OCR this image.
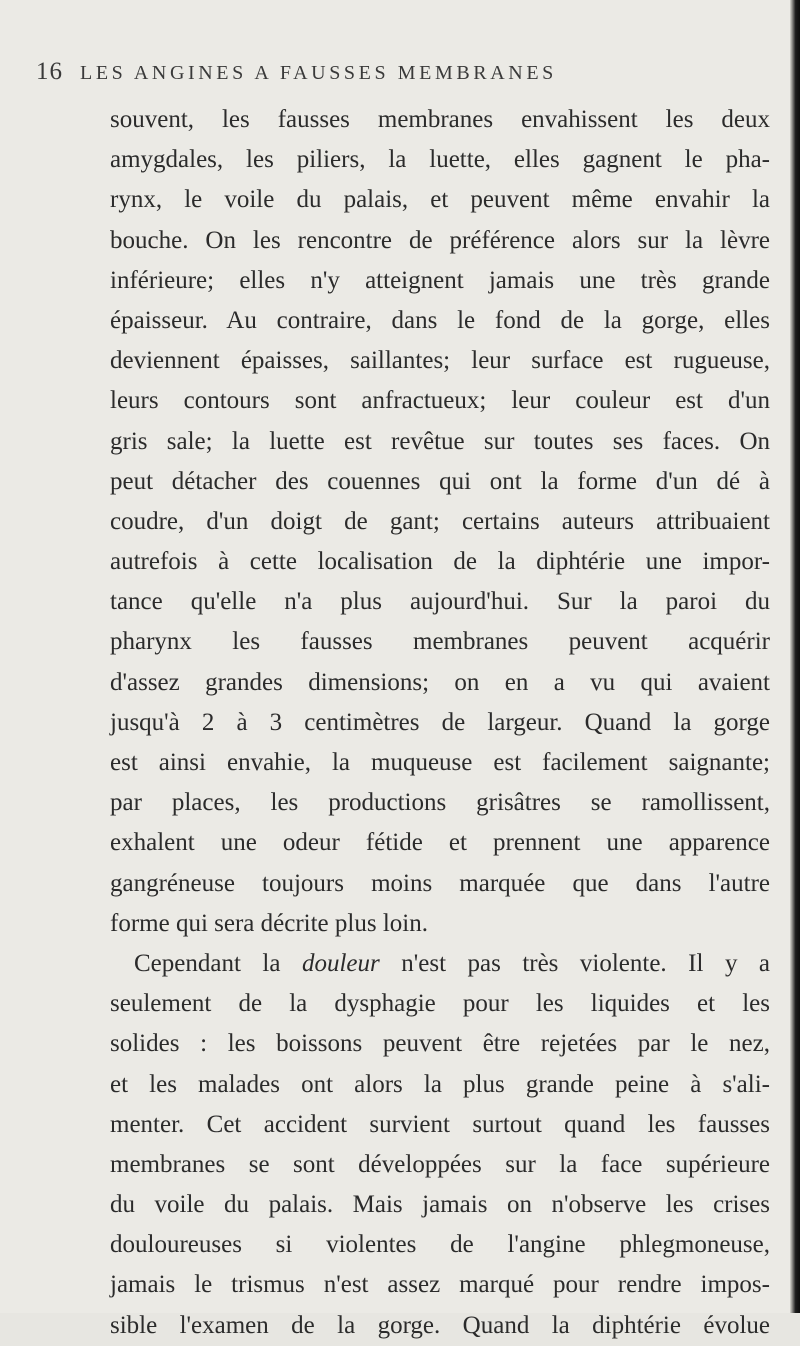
16 LES ANGINES A FAUSSES MEMBRANES
souvent, les fausses membranes envahissent les deux
amygdales, les piliers, la luette, elles gagnent le pha-
rynx, le voile du palais, et peuvent même envahir la
bouche. On les rencontre de préférence alors sur la lèvre
inférieure; elles n'y atteignent jamais une très grande
épaisseur. Au contraire, dans le fond de la gorge, elles
deviennent épaisses, saillantes; leur surface est rugueuse,
leurs contours sont anfractueux; leur couleur est d'un
gris sale; la luette est revêtue sur toutes ses faces. On
peut détacher des couennes qui ont la forme d'un dé à
coudre, d'un doigt de gant; certains auteurs attribuaient
autrefois à cette localisation de la diphtérie une impor-
tance qu'elle n'a plus aujourd'hui. Sur la paroi du
pharynx les fausses membranes peuvent acquérir
d'assez grandes dimensions; on en a vu qui avaient
jusqu'à 2 à 3 centimètres de largeur. Quand la gorge
est ainsi envahie, la muqueuse est facilement saignante;
par places, les productions grisâtres se ramollissent,
exhalent une odeur fétide et prennent une apparence
gangréneuse toujours moins marquée que dans l'autre
forme qui sera décrite plus loin.
Cependant la douleur n'est pas très violente. Il y a
seulement de la dysphagie pour les liquides et les
solides : les boissons peuvent être rejetées par le nez,
et les malades ont alors la plus grande peine à s'ali-
menter. Cet accident survient surtout quand les fausses
membranes se sont développées sur la face supérieure
du voile du palais. Mais jamais on n'observe les crises
douloureuses si violentes de l'angine phlegmoneuse,
jamais le trismus n'est assez marqué pour rendre impos-
sible l'examen de la gorge. Quand la diphtérie évolue
